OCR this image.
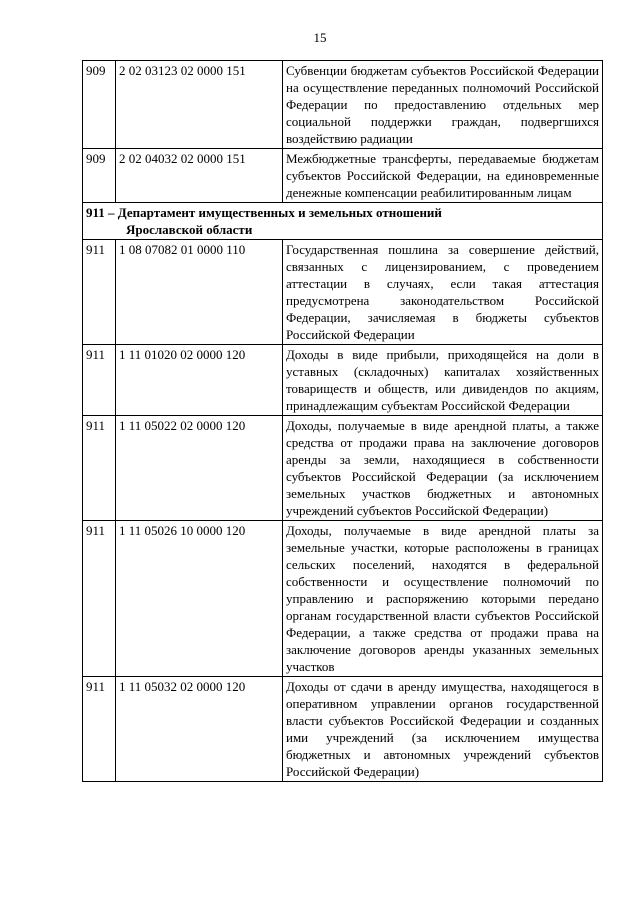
15
909	2 02 03123 02 0000 151	Субвенции бюджетам субъектов Российской Федерации на осуществление переданных полномочий Российской Федерации по предоставлению отдельных мер социальной поддержки граждан, подвергшихся воздействию радиации
909	2 02 04032 02 0000 151	Межбюджетные трансферты, передаваемые бюджетам субъектов Российской Федерации, на единовременные денежные компенсации реабилитированным лицам
911 – Департамент имущественных и земельных отношений
Ярославской области		

911	1 08 07082 01 0000 110	Государственная пошлина за совершение действий, связанных с лицензированием, с проведением аттестации в случаях, если такая аттестация предусмотрена законодательством Российской Федерации, зачисляемая в бюджеты субъектов Российской Федерации
911	1 11 01020 02 0000 120	Доходы в виде прибыли, приходящейся на доли в уставных (складочных) капиталах хозяйственных товариществ и обществ, или дивидендов по акциям, принадлежащим субъектам Российской Федерации
911	1 11 05022 02 0000 120	Доходы, получаемые в виде арендной платы, а также средства от продажи права на заключение договоров аренды за земли, находящиеся в собственности субъектов Российской Федерации (за исключением земельных участков бюджетных и автономных учреждений субъектов Российской Федерации)
911	1 11 05026 10 0000 120	Доходы, получаемые в виде арендной платы за земельные участки, которые расположены в границах сельских поселений, находятся в федеральной собственности и осуществление полномочий по управлению и распоряжению которыми передано органам государственной власти субъектов Российской Федерации, а также средства от продажи права на заключение договоров аренды указанных земельных участков
911	1 11 05032 02 0000 120	Доходы от сдачи в аренду имущества, находящегося в оперативном управлении органов государственной власти субъектов Российской Федерации и созданных ими учреждений (за исключением имущества бюджетных и автономных учреждений субъектов Российской Федерации)
